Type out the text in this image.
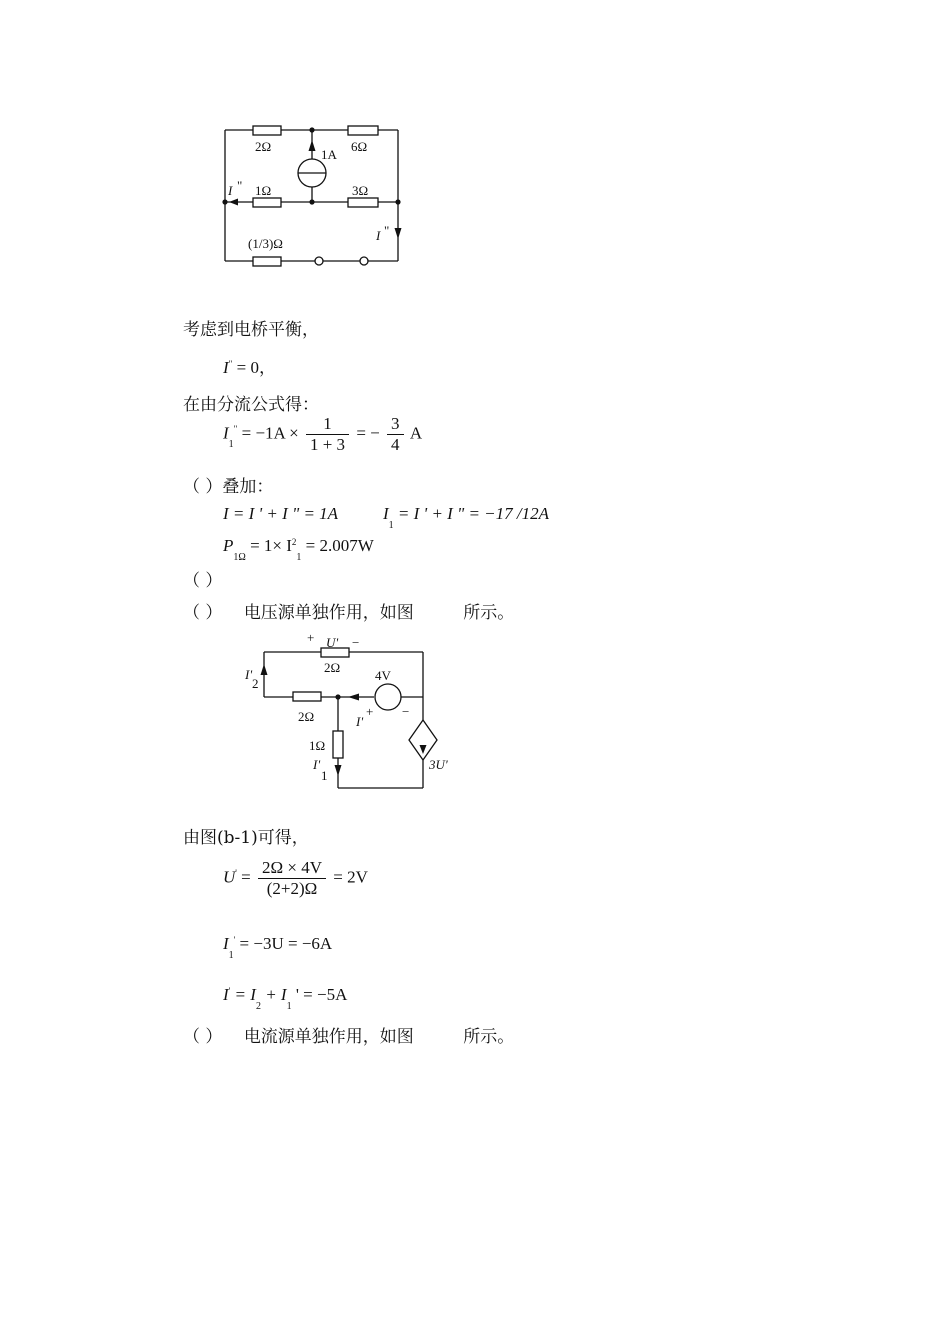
2Ω	6Ω
1A
1Ω	3Ω
(1/3)Ω
I "
I "
考虑到电桥平衡，
I" = 0，
在由分流公式得：
$I_1^" = -1A \times \frac{1}{1 + 3}$ = − $\frac{3}{4}$ A
（ ）叠加：
I = I ' + I " = 1A	$I_1 = I$ ' + I " = −17 /12A
$P_{1\Omega} = 1\times I^2_1 = 2.007W$
（ ）
（ ） 电压源单独作用，如图	所示。
+ U' −
2Ω
4V
+ −
I'
2
2Ω	I'
1Ω
I'
1
3U'
由图(b-1)可得，
$U' = \frac{2\Omega \times 4V}{(2+2)\Omega} = 2V$
$I_1' = -3U = -6A$
$I' = I_2 + I_1$ ' = −5A
（ ） 电流源单独作用，如图	所示。
